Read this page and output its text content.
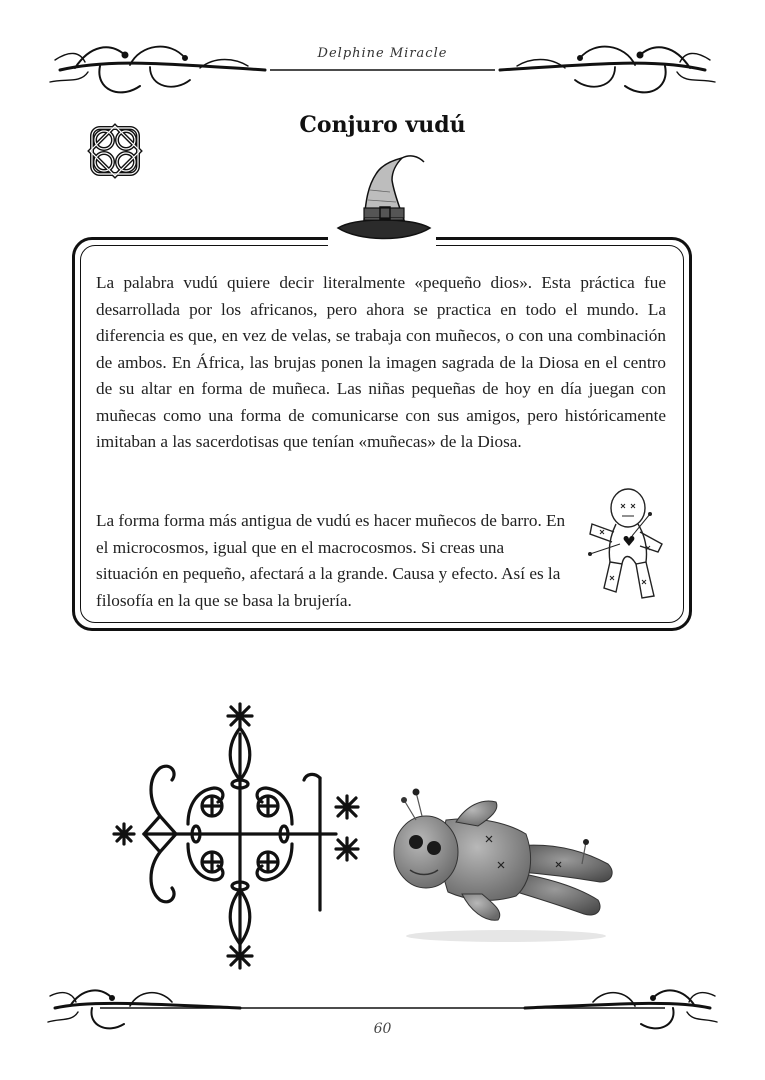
Delphine Miracle
Conjuro vudú
La palabra vudú quiere decir literalmente «pequeño dios». Esta práctica fue desarrollada por los africanos, pero ahora se practica en todo el mundo. La diferencia es que, en vez de velas, se trabaja con muñecos, o con una combinación de ambos. En África, las brujas ponen la imagen sagrada de la Diosa en el centro de su altar en forma de muñeca. Las niñas pequeñas de hoy en día juegan con muñecas como una forma de comunicarse con sus amigos, pero históricamente imitaban a las sacerdotisas que tenían «muñecas» de la Diosa.
La forma forma más antigua de vudú es hacer muñecos de barro. En el microcosmos, igual que en el macrocosmos. Si creas una situación en pequeño, afectará a la grande. Causa y efecto. Así es la filosofía en la que se basa la brujería.
60
